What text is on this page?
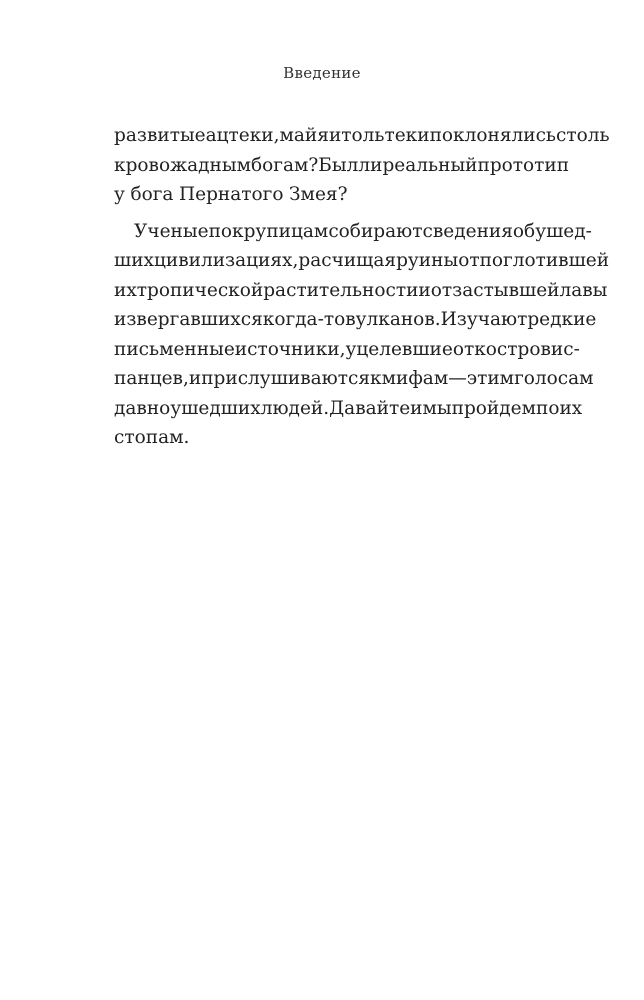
Введение
развитые ацтеки, майя и тольтеки поклонялись столь
кровожадным богам? Был ли реальный прототип
у бога Пернатого Змея?
Ученые по крупицам собирают сведения об ушед-
ших цивилизациях, расчищая руины от поглотившей
их тропической растительности и от застывшей лавы
извергавшихся когда-то вулканов. Изучают редкие
письменные источники, уцелевшие от костров ис-
панцев, и прислушиваются к мифам — этим голосам
давно ушедших людей. Давайте и мы пройдем по их
стопам.
